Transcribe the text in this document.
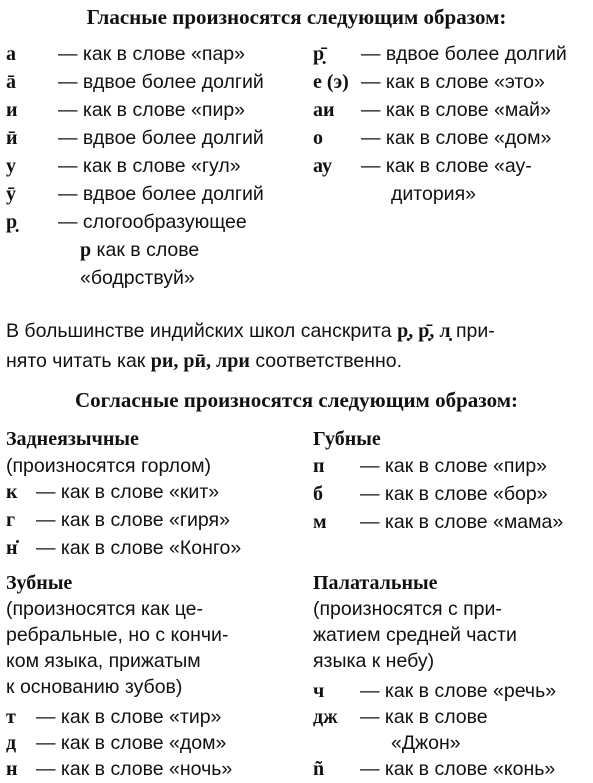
Гласные произносятся следующим образом:
а — как в слове «пар»
ā — вдвое более долгий
и — как в слове «пир»
ӣ — вдвое более долгий
у — как в слове «гул»
ӯ — вдвое более долгий
р̣ — слогообразующее
р как в слове
«бодрствуй»
р̣̄ — вдвое более долгий
е (э) — как в слове «это»
аи — как в слове «май»
о — как в слове «дом»
ау — как в слове «ау-
дитория»
В большинстве индийских школ санскрита р̣, р̣̄, л̣ при-
нято читать как ри, рӣ, лри соответственно.
Согласные произносятся следующим образом:
Заднеязычные
(произносятся горлом)
к — как в слове «кит»
г — как в слове «гиря»
н̇ — как в слове «Конго»
Губные
п — как в слове «пир»
б — как в слове «бор»
м — как в слове «мама»
Зубные
(произносятся как це-
ребральные, но с кончи-
ком языка, прижатым
к основанию зубов)
т — как в слове «тир»
д — как в слове «дом»
н — как в слове «ночь»
Палатальные
(произносятся с при-
жатием средней части
языка к небу)
ч — как в слове «речь»
дж — как в слове
«Джон»
ñ — как в слове «конь»
